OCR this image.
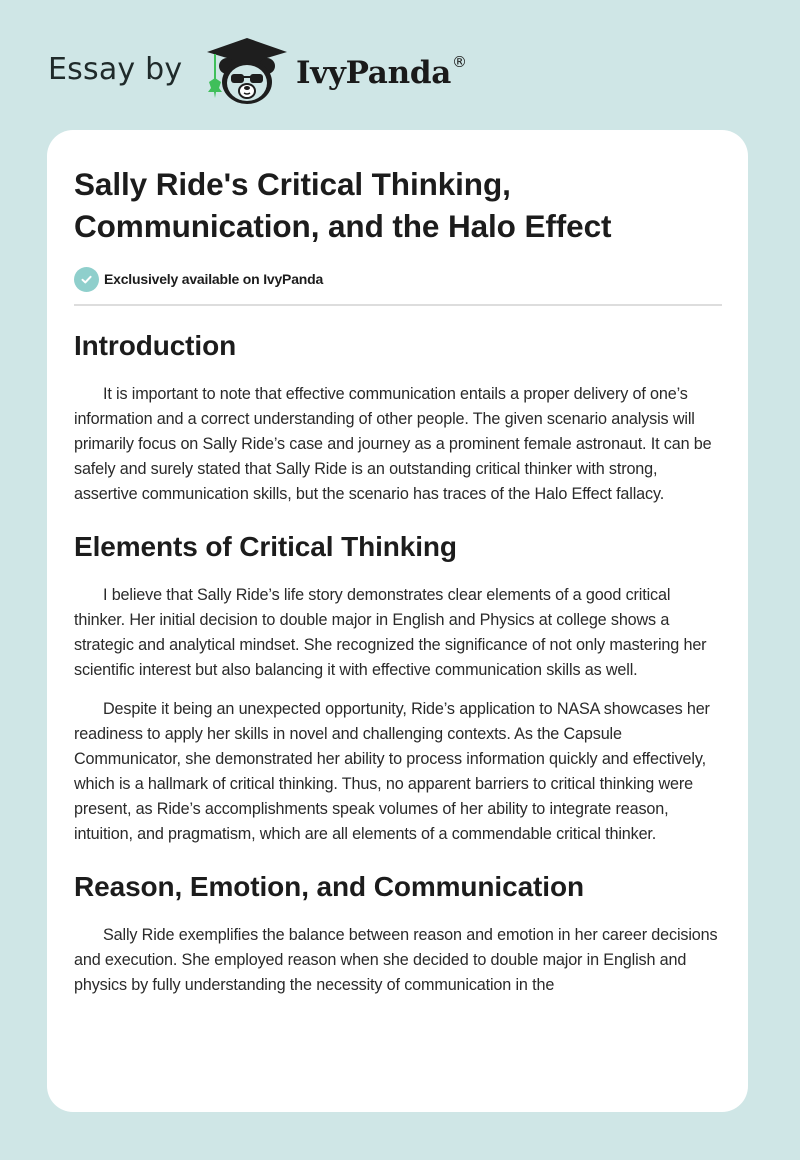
Essay by	IvyPanda®
Sally Ride's Critical Thinking, Communication, and the Halo Effect
Exclusively available on IvyPanda
Introduction

It is important to note that effective communication entails a proper delivery of one’s information and a correct understanding of other people. The given scenario analysis will primarily focus on Sally Ride’s case and journey as a prominent female astronaut. It can be safely and surely stated that Sally Ride is an outstanding critical thinker with strong, assertive communication skills, but the scenario has traces of the Halo Effect fallacy.

Elements of Critical Thinking

I believe that Sally Ride’s life story demonstrates clear elements of a good critical thinker. Her initial decision to double major in English and Physics at college shows a strategic and analytical mindset. She recognized the significance of not only mastering her scientific interest but also balancing it with effective communication skills as well.

Despite it being an unexpected opportunity, Ride’s application to NASA showcases her readiness to apply her skills in novel and challenging contexts. As the Capsule Communicator, she demonstrated her ability to process information quickly and effectively, which is a hallmark of critical thinking. Thus, no apparent barriers to critical thinking were present, as Ride’s accomplishments speak volumes of her ability to integrate reason, intuition, and pragmatism, which are all elements of a commendable critical thinker.

Reason, Emotion, and Communication

Sally Ride exemplifies the balance between reason and emotion in her career decisions and execution. She employed reason when she decided to double major in English and physics by fully understanding the necessity of communication in the
